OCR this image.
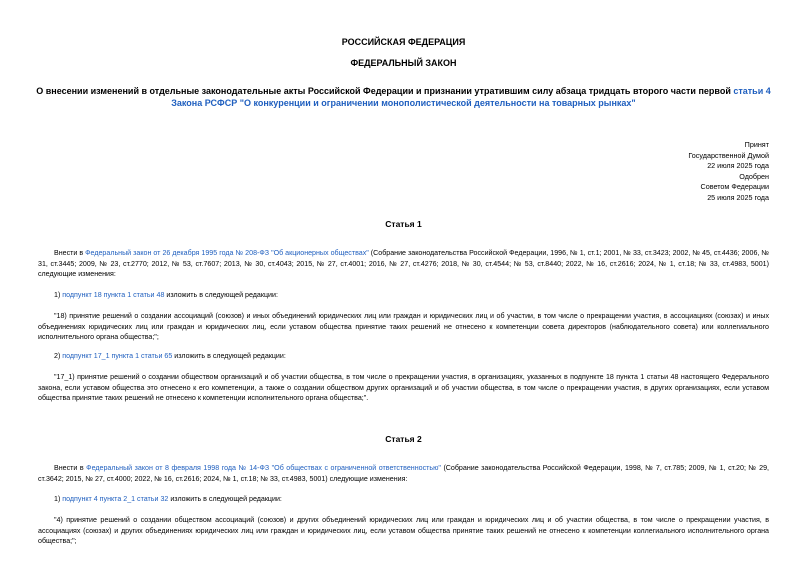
РОССИЙСКАЯ ФЕДЕРАЦИЯ
ФЕДЕРАЛЬНЫЙ ЗАКОН
О внесении изменений в отдельные законодательные акты Российской Федерации и признании утратившим силу абзаца тридцать второго части первой статьи 4
Закона РСФСР "О конкуренции и ограничении монополистической деятельности на товарных рынках"
Принят
Государственной Думой
22 июля 2025 года
Одобрен
Советом Федерации
25 июля 2025 года
Статья 1
Внести в Федеральный закон от 26 декабря 1995 года № 208-ФЗ "Об акционерных обществах" (Собрание законодательства Российской Федерации, 1996, № 1, ст.1; 2001, № 33, ст.3423; 2002, № 45, ст.4436; 2006, № 31, ст.3445; 2009, № 23, ст.2770; 2012, № 53, ст.7607; 2013, № 30, ст.4043; 2015, № 27, ст.4001; 2016, № 27, ст.4276; 2018, № 30, ст.4544; № 53, ст.8440; 2022, № 16, ст.2616; 2024, № 1, ст.18; № 33, ст.4983, 5001) следующие изменения:
1) подпункт 18 пункта 1 статьи 48 изложить в следующей редакции:
"18) принятие решений о создании ассоциаций (союзов) и иных объединений юридических лиц или граждан и юридических лиц и об участии, в том числе о прекращении участия, в ассоциациях (союзах) и иных объединениях юридических лиц или граждан и юридических лиц, если уставом общества принятие таких решений не отнесено к компетенции совета директоров (наблюдательного совета) или коллегиального исполнительного органа общества;";
2) подпункт 17_1 пункта 1 статьи 65 изложить в следующей редакции:
"17_1) принятие решений о создании обществом организаций и об участии общества, в том числе о прекращении участия, в организациях, указанных в подпункте 18 пункта 1 статьи 48 настоящего Федерального закона, если уставом общества это отнесено к его компетенции, а также о создании обществом других организаций и об участии общества, в том числе о прекращении участия, в других организациях, если уставом общества принятие таких решений не отнесено к компетенции исполнительного органа общества;".
Статья 2
Внести в Федеральный закон от 8 февраля 1998 года № 14-ФЗ "Об обществах с ограниченной ответственностью" (Собрание законодательства Российской Федерации, 1998, № 7, ст.785; 2009, № 1, ст.20; № 29, ст.3642; 2015, № 27, ст.4000; 2022, № 16, ст.2616; 2024, № 1, ст.18; № 33, ст.4983, 5001) следующие изменения:
1) подпункт 4 пункта 2_1 статьи 32 изложить в следующей редакции:
"4) принятие решений о создании обществом ассоциаций (союзов) и других объединений юридических лиц или граждан и юридических лиц и об участии общества, в том числе о прекращении участия, в ассоциациях (союзах) и других объединениях юридических лиц или граждан и юридических лиц, если уставом общества принятие таких решений не отнесено к компетенции коллегиального исполнительного органа общества;";
